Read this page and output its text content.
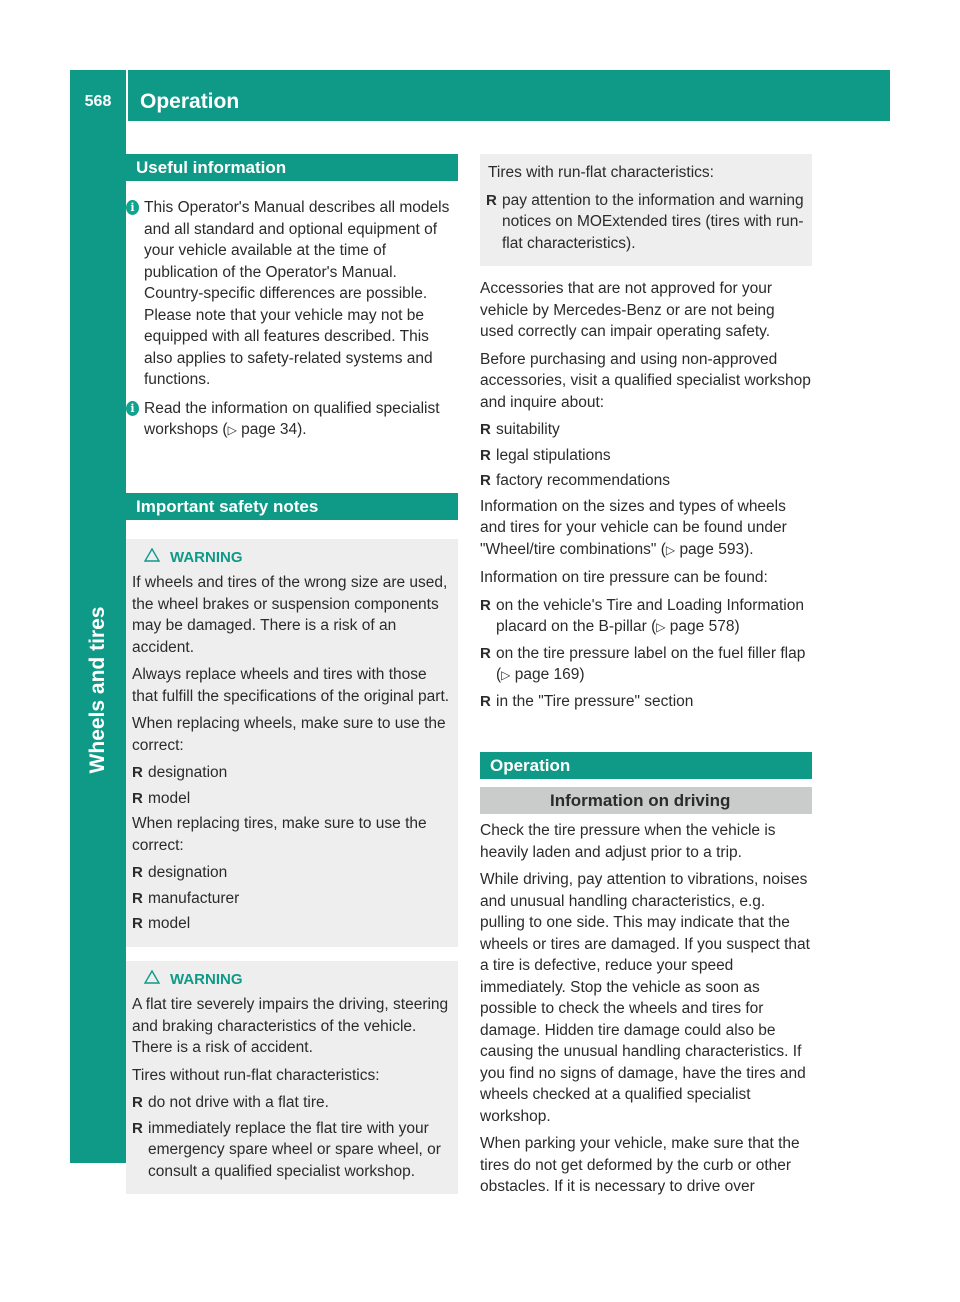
568	Operation
Wheels and tires
Useful information
i This Operator's Manual describes all models and all standard and optional equipment of your vehicle available at the time of publication of the Operator's Manual. Country-specific differences are possible. Please note that your vehicle may not be equipped with all features described. This also applies to safety-related systems and functions.
i Read the information on qualified specialist workshops (▷ page 34).
Important safety notes
WARNING

If wheels and tires of the wrong size are used, the wheel brakes or suspension components may be damaged. There is a risk of an accident.

Always replace wheels and tires with those that fulfill the specifications of the original part.

When replacing wheels, make sure to use the correct:

R designation
R model

When replacing tires, make sure to use the correct:

R designation
R manufacturer
R model
WARNING

A flat tire severely impairs the driving, steering and braking characteristics of the vehicle. There is a risk of accident.

Tires without run-flat characteristics:

R do not drive with a flat tire.
R immediately replace the flat tire with your emergency spare wheel or spare wheel, or consult a qualified specialist workshop.

Tires with run-flat characteristics:

R pay attention to the information and warning notices on MOExtended tires (tires with run-flat characteristics).

Accessories that are not approved for your vehicle by Mercedes-Benz or are not being used correctly can impair operating safety.

Before purchasing and using non-approved accessories, visit a qualified specialist workshop and inquire about:

R suitability
R legal stipulations
R factory recommendations

Information on the sizes and types of wheels and tires for your vehicle can be found under "Wheel/tire combinations" (▷ page 593).

Information on tire pressure can be found:

R on the vehicle's Tire and Loading Information placard on the B-pillar (▷ page 578)
R on the tire pressure label on the fuel filler flap (▷ page 169)
R in the "Tire pressure" section
Operation
Information on driving

Check the tire pressure when the vehicle is heavily laden and adjust prior to a trip.

While driving, pay attention to vibrations, noises and unusual handling characteristics, e.g. pulling to one side. This may indicate that the wheels or tires are damaged. If you suspect that a tire is defective, reduce your speed immediately. Stop the vehicle as soon as possible to check the wheels and tires for damage. Hidden tire damage could also be causing the unusual handling characteristics. If you find no signs of damage, have the tires and wheels checked at a qualified specialist workshop.

When parking your vehicle, make sure that the tires do not get deformed by the curb or other obstacles. If it is necessary to drive over
